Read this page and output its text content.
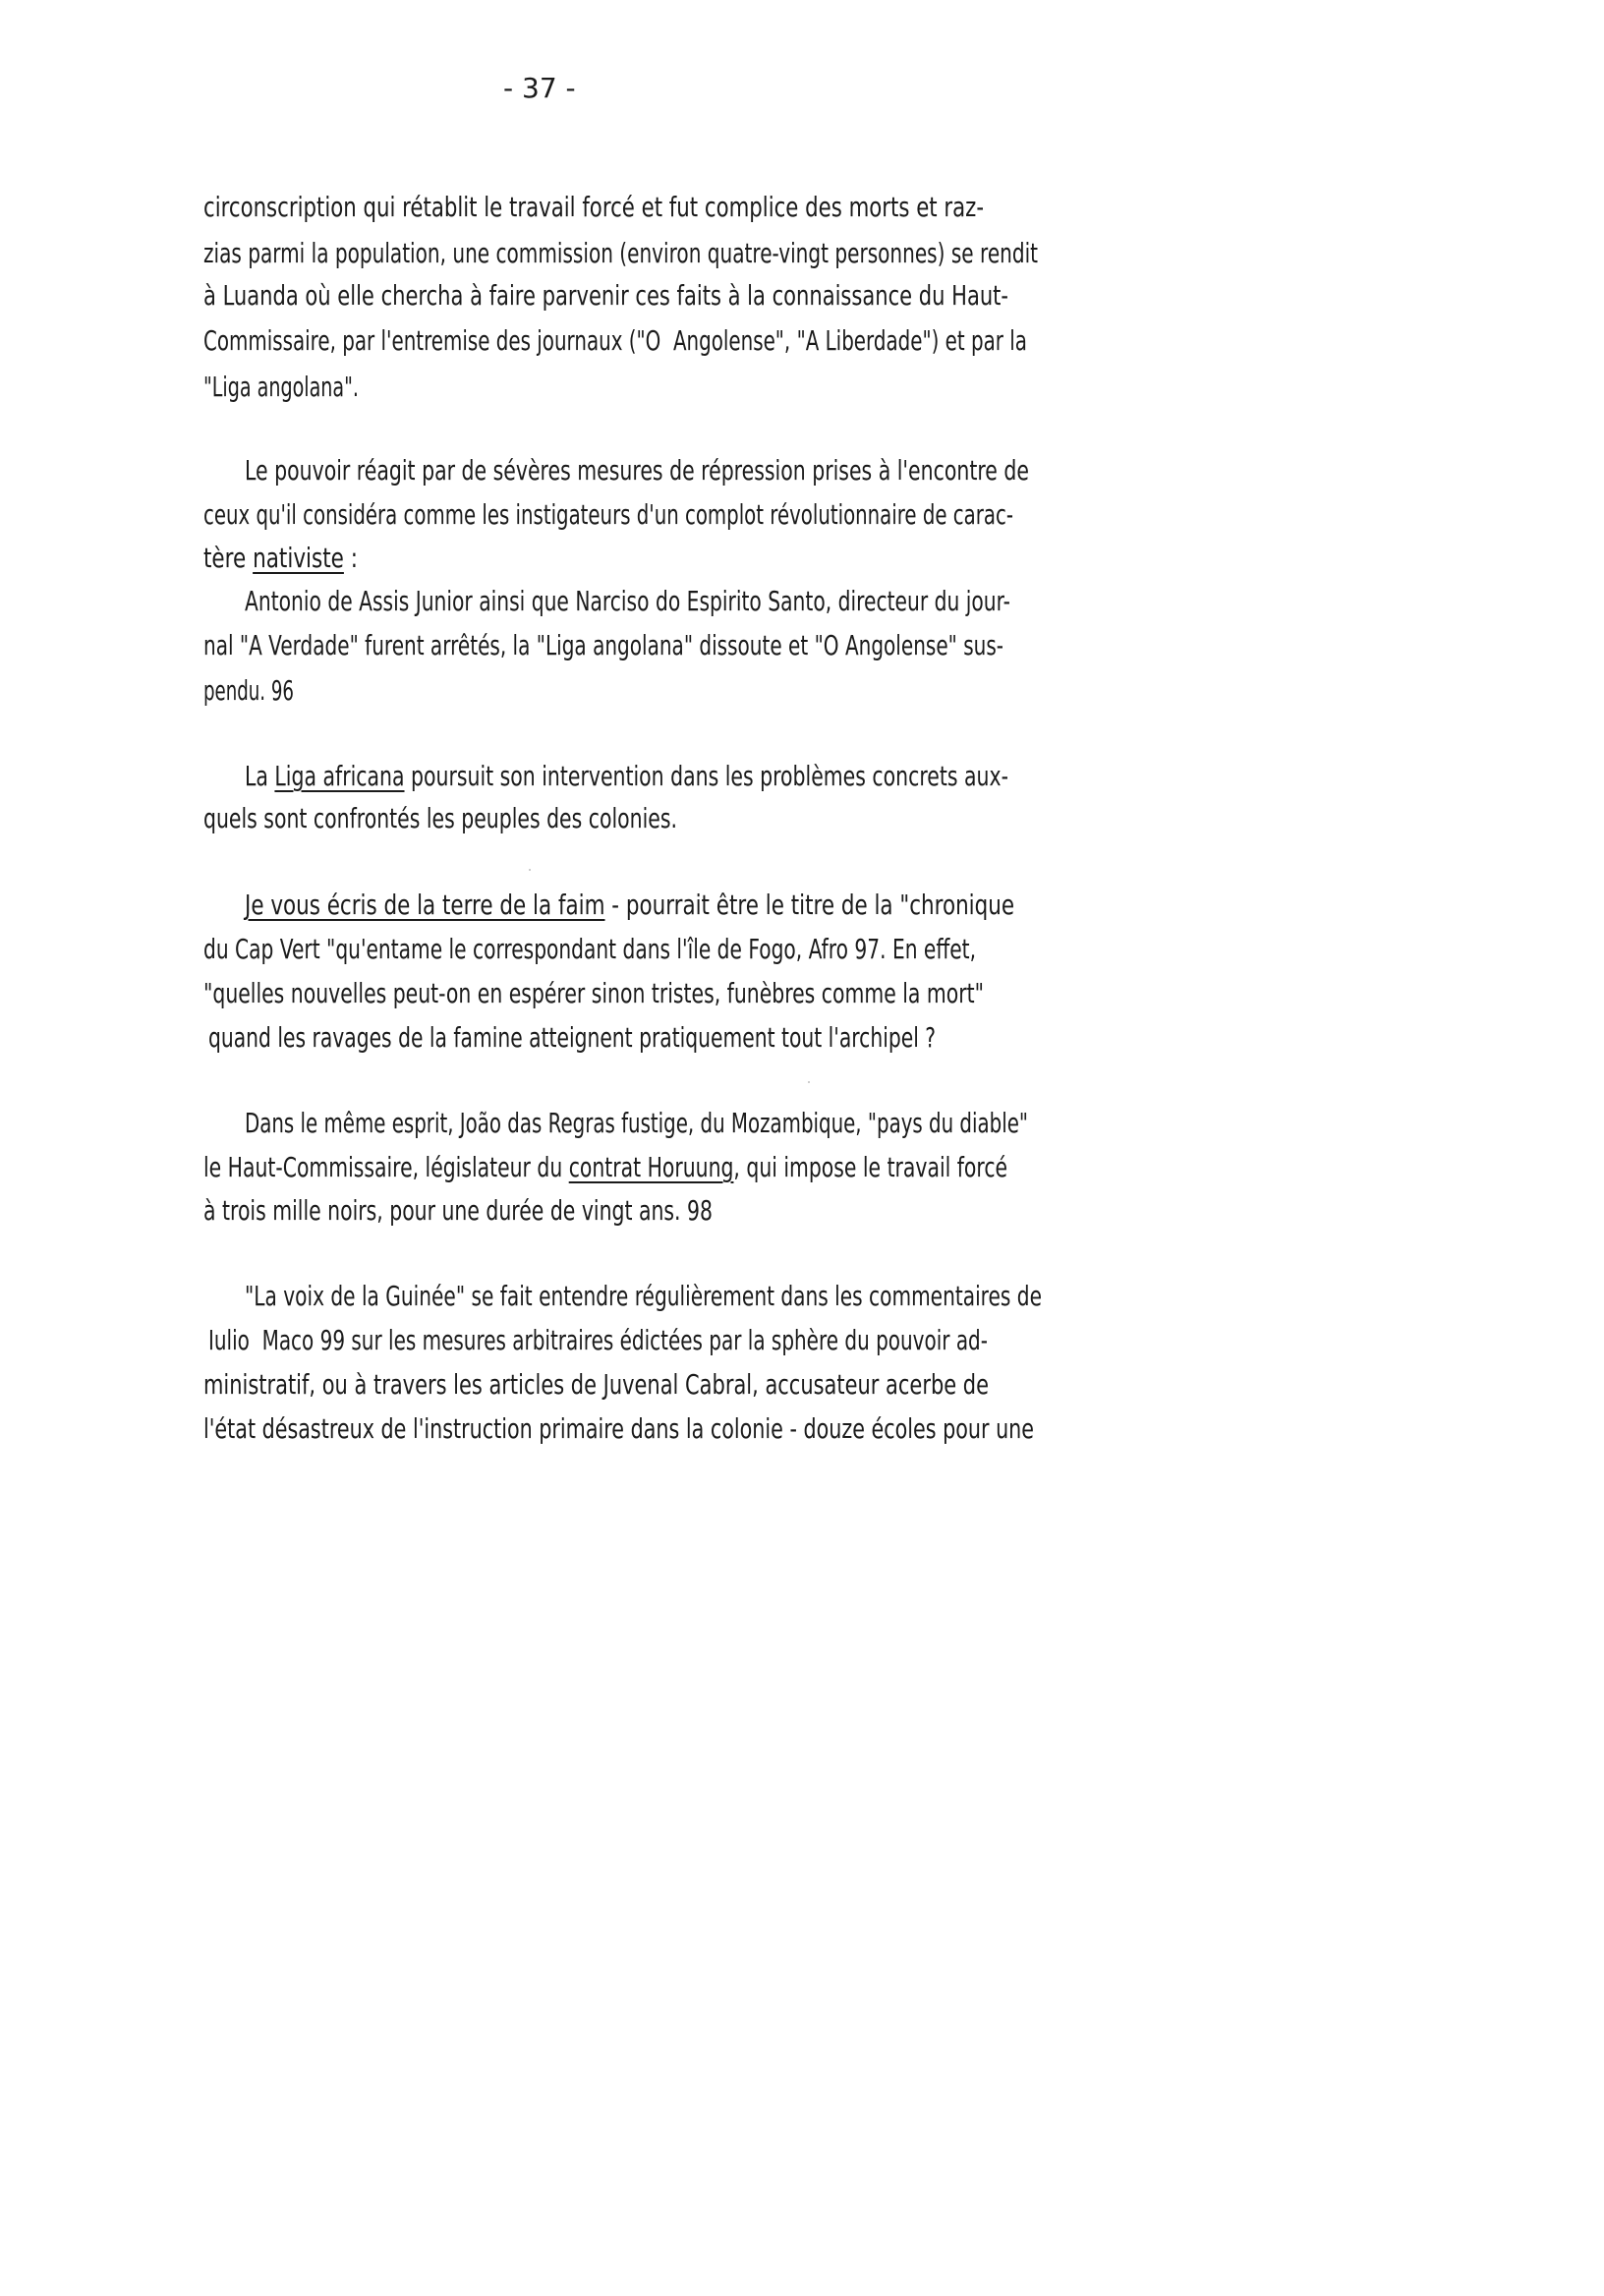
- 37 -
circonscription qui rétablit le travail forcé et fut complice des morts et raz-
zias parmi la population, une commission (environ quatre-vingt personnes) se rendit
à Luanda où elle chercha à faire parvenir ces faits à la connaissance du Haut-
Commissaire, par l'entremise des journaux ("O  Angolense", "A Liberdade") et par la
"Liga angolana".
Le pouvoir réagit par de sévères mesures de répression prises à l'encontre de
ceux qu'il considéra comme les instigateurs d'un complot révolutionnaire de carac-
tère nativiste :
Antonio de Assis Junior ainsi que Narciso do Espirito Santo, directeur du jour-
nal "A Verdade" furent arrêtés, la "Liga angolana" dissoute et "O Angolense" sus-
pendu. 96
La Liga africana poursuit son intervention dans les problèmes concrets aux-
quels sont confrontés les peuples des colonies.
Je vous écris de la terre de la faim - pourrait être le titre de la "chronique
du Cap Vert "qu'entame le correspondant dans l'île de Fogo, Afro 97. En effet,
"quelles nouvelles peut-on en espérer sinon tristes, funèbres comme la mort"
quand les ravages de la famine atteignent pratiquement tout l'archipel ?
Dans le même esprit, João das Regras fustige, du Mozambique, "pays du diable"
le Haut-Commissaire, législateur du contrat Horuung, qui impose le travail forcé
à trois mille noirs, pour une durée de vingt ans. 98
"La voix de la Guinée" se fait entendre régulièrement dans les commentaires de
Iulio  Maco 99 sur les mesures arbitraires édictées par la sphère du pouvoir ad-
ministratif, ou à travers les articles de Juvenal Cabral, accusateur acerbe de
l'état désastreux de l'instruction primaire dans la colonie - douze écoles pour une
